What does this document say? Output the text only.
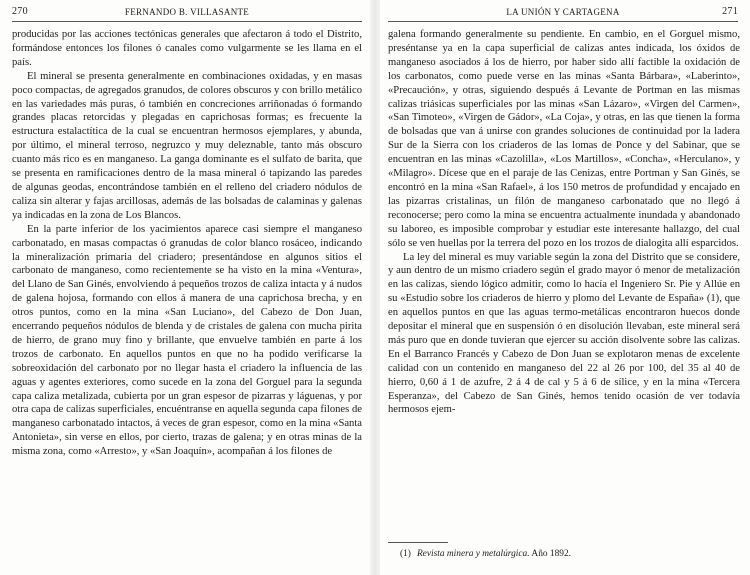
270	FERNANDO B. VILLASANTE

producidas por las acciones tectónicas generales que afectaron á todo el Distrito, formándose entonces los filones ó canales como vulgarmente se les llama en el país.

El mineral se presenta generalmente en combinaciones oxidadas, y en masas poco compactas, de agregados granudos, de colores obscuros y con brillo metálico en las variedades más puras, ó también en concreciones arriñonadas ó formando grandes placas retorcidas y plegadas en caprichosas formas; es frecuente la estructura estalactítica de la cual se encuentran hermosos ejemplares, y abunda, por último, el mineral terroso, negruzco y muy deleznable, tanto más obscuro cuanto más rico es en manganeso. La ganga dominante es el sulfato de barita, que se presenta en ramificaciones dentro de la masa mineral ó tapizando las paredes de algunas geodas, encontrándose también en el relleno del criadero nódulos de caliza sin alterar y fajas arcillosas, además de las bolsadas de calaminas y galenas ya indicadas en la zona de Los Blancos.

En la parte inferior de los yacimientos aparece casi siempre el manganeso carbonatado, en masas compactas ó granudas de color blanco rosáceo, indicando la mineralización primaria del criadero; presentándose en algunos sitios el carbonato de manganeso, como recientemente se ha visto en la mina «Ventura», del Llano de San Ginés, envolviendo á pequeños trozos de caliza intacta y á nudos de galena hojosa, formando con ellos á manera de una caprichosa brecha, y en otros puntos, como en la mina «San Luciano», del Cabezo de Don Juan, encerrando pequeños nódulos de blenda y de cristales de galena con mucha pirita de hierro, de grano muy fino y brillante, que envuelve también en parte á los trozos de carbonato. En aquellos puntos en que no ha podido verificarse la sobreoxidación del carbonato por no llegar hasta el criadero la influencia de las aguas y agentes exteriores, como sucede en la zona del Gorguel para la segunda capa caliza metalizada, cubierta por un gran espesor de pizarras y láguenas, y por otra capa de calizas superficiales, encuéntranse en aquella segunda capa filones de manganeso carbonatado intactos, á veces de gran espesor, como en la mina «Santa Antonieta», sin verse en ellos, por cierto, trazas de galena; y en otras minas de la misma zona, como «Arresto», y «San Joaquín», acompañan á los filones de

LA UNIÓN Y CARTAGENA	271

galena formando generalmente su pendiente. En cambio, en el Gorguel mismo, preséntanse ya en la capa superficial de calizas antes indicada, los óxidos de manganeso asociados á los de hierro, por haber sido allí factible la oxidación de los carbonatos, como puede verse en las minas «Santa Bárbara», «Laberinto», «Precaución», y otras, siguiendo después á Levante de Portman en las mismas calizas triásicas superficiales por las minas «San Lázaro», «Virgen del Carmen», «San Timoteo», «Virgen de Gádor», «La Coja», y otras, en las que tienen la forma de bolsadas que van á unirse con grandes soluciones de continuidad por la ladera Sur de la Sierra con los criaderos de las lomas de Ponce y del Sabinar, que se encuentran en las minas «Cazolilla», «Los Martillos», «Concha», «Herculano», y «Milagro». Dícese que en el paraje de las Cenizas, entre Portman y San Ginés, se encontró en la mina «San Rafael», á los 150 metros de profundidad y encajado en las pizarras cristalinas, un filón de manganeso carbonatado que no llegó á reconocerse; pero como la mina se encuentra actualmente inundada y abandonado su laboreo, es imposible comprobar y estudiar este interesante hallazgo, del cual sólo se ven huellas por la terrera del pozo en los trozos de dialogita allí esparcidos.

La ley del mineral es muy variable según la zona del Distrito que se considere, y aun dentro de un mismo criadero según el grado mayor ó menor de metalización en las calizas, siendo lógico admitir, como lo hacía el Ingeniero Sr. Pie y Allúe en su «Estudio sobre los criaderos de hierro y plomo del Levante de España» (1), que en aquellos puntos en que las aguas termo-metálicas encontraron huecos donde depositar el mineral que en suspensión ó en disolución llevaban, este mineral será más puro que en donde tuvieran que ejercer su acción disolvente sobre las calizas. En el Barranco Francés y Cabezo de Don Juan se explotaron menas de excelente calidad con un contenido en manganeso del 22 al 26 por 100, del 35 al 40 de hierro, 0,60 á 1 de azufre, 2 á 4 de cal y 5 á 6 de sílice, y en la mina «Tercera Esperanza», del Cabezo de San Ginés, hemos tenido ocasión de ver todavía hermosos ejem-

(1) Revista minera y metalúrgica. Año 1892.
